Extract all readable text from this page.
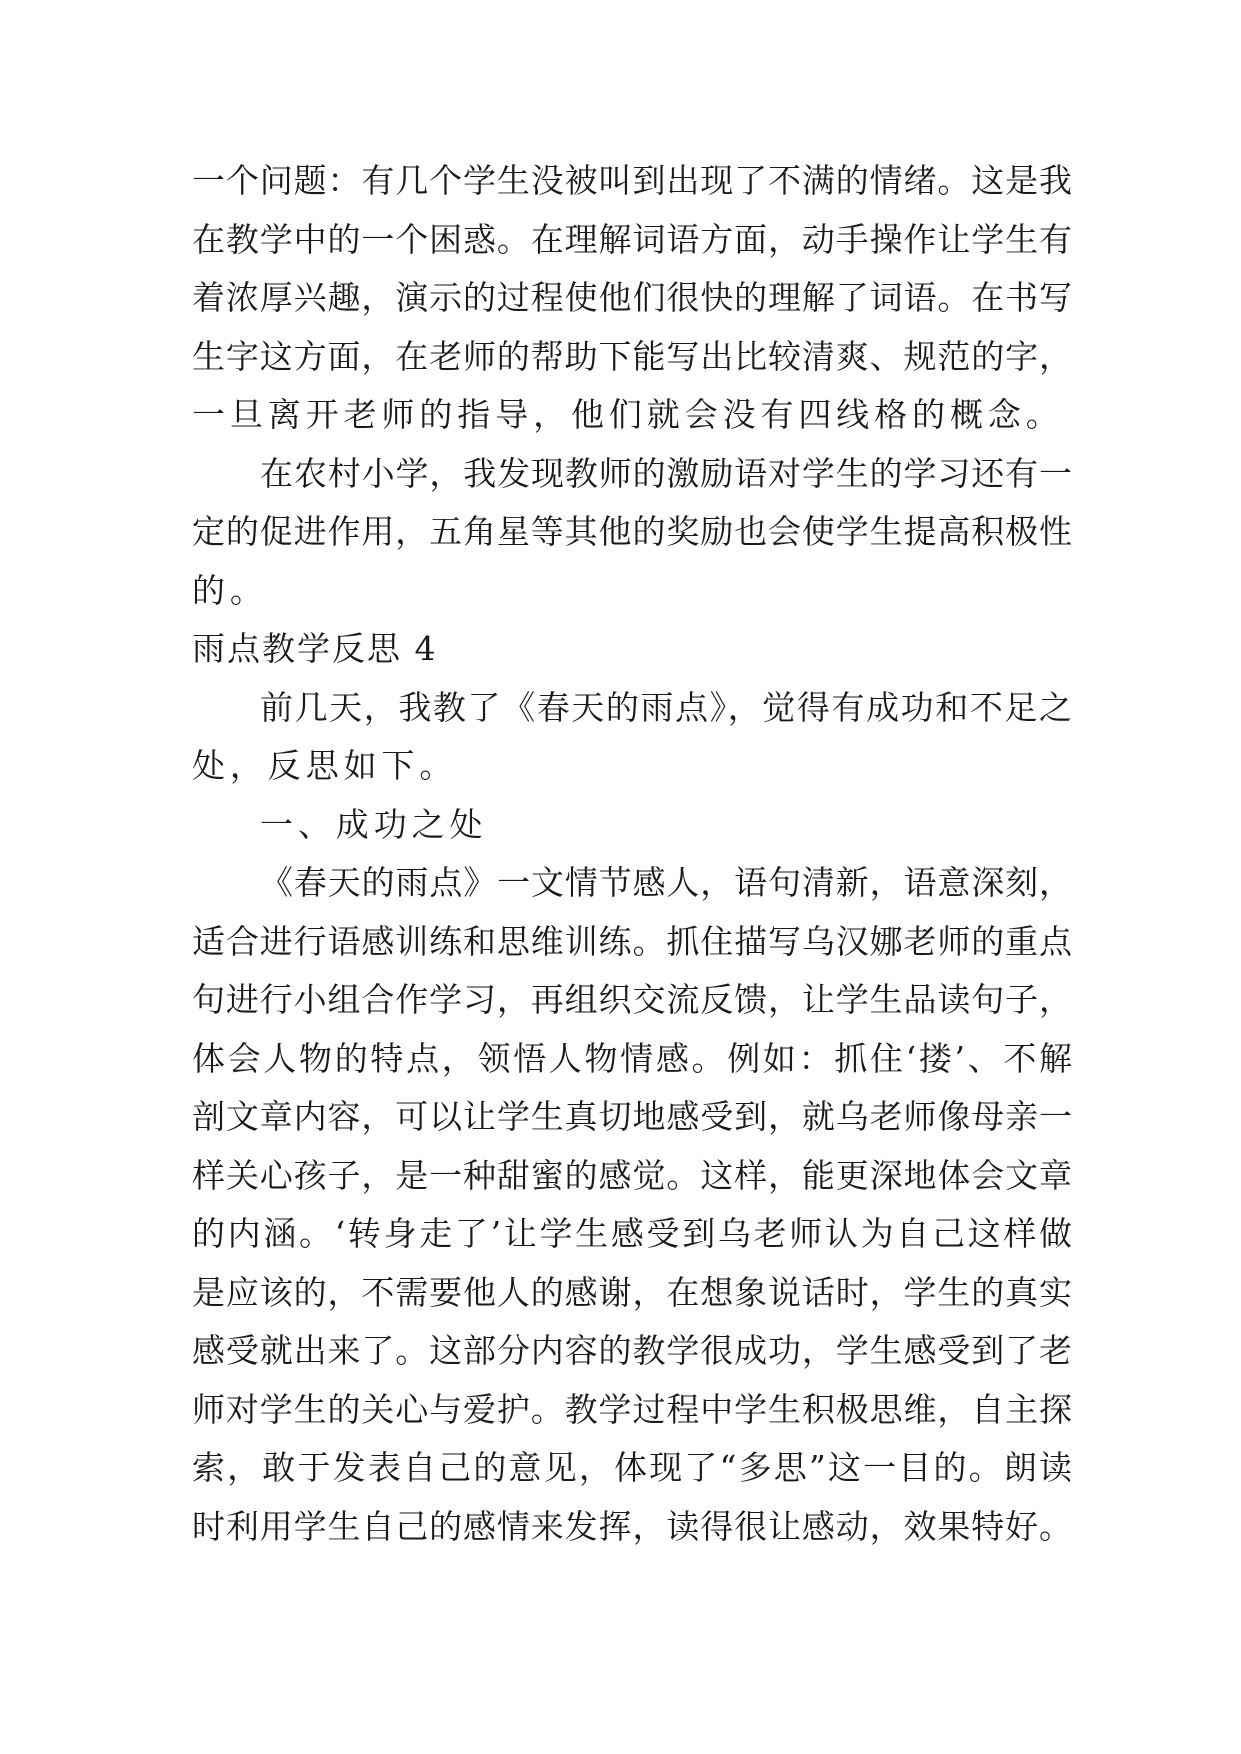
一个问题：有几个学生没被叫到出现了不满的情绪。这是我
在教学中的一个困惑。在理解词语方面，动手操作让学生有
着浓厚兴趣，演示的过程使他们很快的理解了词语。在书写
生字这方面，在老师的帮助下能写出比较清爽、规范的字，
一旦离开老师的指导，他们就会没有四线格的概念。
在农村小学，我发现教师的激励语对学生的学习还有一
定的促进作用，五角星等其他的奖励也会使学生提高积极性
的。
雨点教学反思 4
前几天，我教了《春天的雨点》，觉得有成功和不足之
处，反思如下。
一、成功之处
《春天的雨点》一文情节感人，语句清新，语意深刻，
适合进行语感训练和思维训练。抓住描写乌汉娜老师的重点
句进行小组合作学习，再组织交流反馈，让学生品读句子，
体会人物的特点，领悟人物情感。例如：抓住‘搂’、不解
剖文章内容，可以让学生真切地感受到，就乌老师像母亲一
样关心孩子，是一种甜蜜的感觉。这样，能更深地体会文章
的内涵。‘转身走了’让学生感受到乌老师认为自己这样做
是应该的，不需要他人的感谢，在想象说话时，学生的真实
感受就出来了。这部分内容的教学很成功，学生感受到了老
师对学生的关心与爱护。教学过程中学生积极思维，自主探
索，敢于发表自己的意见，体现了“多思”这一目的。朗读
时利用学生自己的感情来发挥，读得很让感动，效果特好。
